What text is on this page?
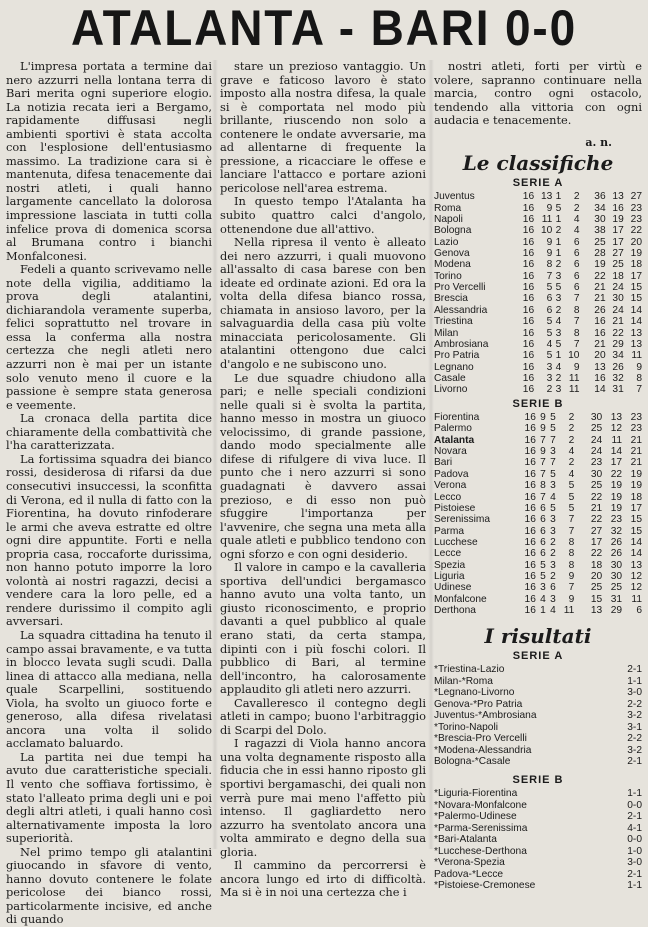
ATALANTA - BARI 0-0

L'impresa portata a termine dai nero azzurri nella lontana terra di Bari merita ogni superiore elogio. La notizia recata ieri a Bergamo, rapidamente diffusasi negli ambienti sportivi è stata accolta con l'esplosione dell'entusiasmo massimo. La tradizione cara si è mantenuta, difesa tenacemente dai nostri atleti, i quali hanno largamente cancellato la dolorosa impressione lasciata in tutti colla infelice prova di domenica scorsa al Brumana contro i bianchi Monfalconesi.

Fedeli a quanto scrivevamo nelle note della vigilia, additiamo la prova degli atalantini, dichiarandola veramente superba, felici soprattutto nel trovare in essa la conferma alla nostra certezza che negli atleti nero azzurri non è mai per un istante solo venuto meno il cuore e la passione è sempre stata generosa e veemente.

La cronaca della partita dice chiaramente della combattività che l'ha caratterizzata.

La fortissima squadra dei bianco rossi, desiderosa di rifarsi da due consecutivi insuccessi, la sconfitta di Verona, ed il nulla di fatto con la Fiorentina, ha dovuto rinfoderare le armi che aveva estratte ed oltre ogni dire appuntite. Forti e nella propria casa, roccaforte durissima, non hanno potuto imporre la loro volontà ai nostri ragazzi, decisi a vendere cara la loro pelle, ed a rendere durissimo il compito agli avversari.

La squadra cittadina ha tenuto il campo assai bravamente, e va tutta in blocco levata sugli scudi. Dalla linea di attacco alla mediana, nella quale Scarpellini, sostituendo Viola, ha svolto un giuoco forte e generoso, alla difesa rivelatasi ancora una volta il solido acclamato baluardo.

La partita nei due tempi ha avuto due caratteristiche speciali. Il vento che soffiava fortissimo, è stato l'alleato prima degli uni e poi degli altri atleti, i quali hanno così alternativamente imposta la loro superiorità.

Nel primo tempo gli atalantini giuocando in sfavore di vento, hanno dovuto contenere le folate pericolose dei bianco rossi, particolarmente incisive, ed anche di quando

stare un prezioso vantaggio. Un grave e faticoso lavoro è stato imposto alla nostra difesa, la quale si è comportata nel modo più brillante, riuscendo non solo a contenere le ondate avversarie, ma ad allentarne di frequente la pressione, a ricacciare le offese e lanciare l'attacco e portare azioni pericolose nell'area estrema.

In questo tempo l'Atalanta ha subito quattro calci d'angolo, ottenendone due all'attivo.

Nella ripresa il vento è alleato dei nero azzurri, i quali muovono all'assalto di casa barese con ben ideate ed ordinate azioni. Ed ora la volta della difesa bianco rossa, chiamata in ansioso lavoro, per la salvaguardia della casa più volte minacciata pericolosamente. Gli atalantini ottengono due calci d'angolo e ne subiscono uno.

Le due squadre chiudono alla pari; e nelle speciali condizioni nelle quali si è svolta la partita, hanno messo in mostra un giuoco velocissimo, di grande passione, dando modo specialmente alle difese di rifulgere di viva luce. Il punto che i nero azzurri si sono guadagnati è davvero assai prezioso, e di esso non può sfuggire l'importanza per l'avvenire, che segna una meta alla quale atleti e pubblico tendono con ogni sforzo e con ogni desiderio.

Il valore in campo e la cavalleria sportiva dell'undici bergamasco hanno avuto una volta tanto, un giusto riconoscimento, e proprio davanti a quel pubblico al quale erano stati, da certa stampa, dipinti con i più foschi colori. Il pubblico di Bari, al termine dell'incontro, ha calorosamente applaudito gli atleti nero azzurri.

Cavalleresco il contegno degli atleti in campo; buono l'arbitraggio di Scarpi del Dolo.

I ragazzi di Viola hanno ancora una volta degnamente risposto alla fiducia che in essi hanno riposto gli sportivi bergamaschi, dei quali non verrà pure mai meno l'affetto più intenso. Il gagliardetto nero azzurro ha sventolato ancora una volta ammirato e degno della sua gloria.

Il cammino da percorrersi è ancora lungo ed irto di difficoltà. Ma si è in noi una certezza che i

nostri atleti, forti per virtù e volere, sapranno continuare nella marcia, contro ogni ostacolo, tendendo alla vittoria con ogni audacia e tenacemente.

a. n.
Le classifiche
SERIE A
Juventus	16	13	1	2		36	13	27
Roma	16	9	5	2		34	16	23
Napoli	16	11	1	4		30	19	23
Bologna	16	10	2	4		38	17	22
Lazio	16	9	1	6		25	17	20
Genova	16	9	1	6		28	27	19
Modena	16	8	2	6		19	25	18
Torino	16	7	3	6		22	18	17
Pro Vercelli	16	5	5	6		21	24	15
Brescia	16	6	3	7		21	30	15
Alessandria	16	6	2	8		26	24	14
Triestina	16	5	4	7		16	21	14
Milan	16	5	3	8		16	22	13
Ambrosiana	16	4	5	7		21	29	13
Pro Patria	16	5	1	10		20	34	11
Legnano	16	3	4	9		13	26	9
Casale	16	3	2	11		16	32	8
Livorno	16	2	3	11		14	31	7
SERIE B
Fiorentina	16	9	5	2		30	13	23
Palermo	16	9	5	2		25	12	23
Atalanta	16	7	7	2		24	11	21
Novara	16	9	3	4		24	14	21
Bari	16	7	7	2		23	17	21
Padova	16	7	5	4		30	22	19
Verona	16	8	3	5		25	19	19
Lecco	16	7	4	5		22	19	18
Pistoiese	16	6	5	5		21	19	17
Serenissima	16	6	3	7		22	23	15
Parma	16	6	3	7		27	32	15
Lucchese	16	6	2	8		17	26	14
Lecce	16	6	2	8		22	26	14
Spezia	16	5	3	8		18	30	13
Liguria	16	5	2	9		20	30	12
Udinese	16	3	6	7		25	25	12
Monfalcone	16	4	3	9		15	31	11
Derthona	16	1	4	11		13	29	6
I risultati
SERIE A
*Triestina-Lazio	2-1
Milan-*Roma	1-1
*Legnano-Livorno	3-0
Genova-*Pro Patria	2-2
Juventus-*Ambrosiana	3-2
*Torino-Napoli	3-1
*Brescia-Pro Vercelli	2-2
*Modena-Alessandria	3-2
Bologna-*Casale	2-1
SERIE B
*Liguria-Fiorentina	1-1
*Novara-Monfalcone	0-0
*Palermo-Udinese	2-1
*Parma-Serenissima	4-1
*Bari-Atalanta	0-0
*Lucchese-Derthona	1-0
*Verona-Spezia	3-0
Padova-*Lecce	2-1
*Pistoiese-Cremonese	1-1
